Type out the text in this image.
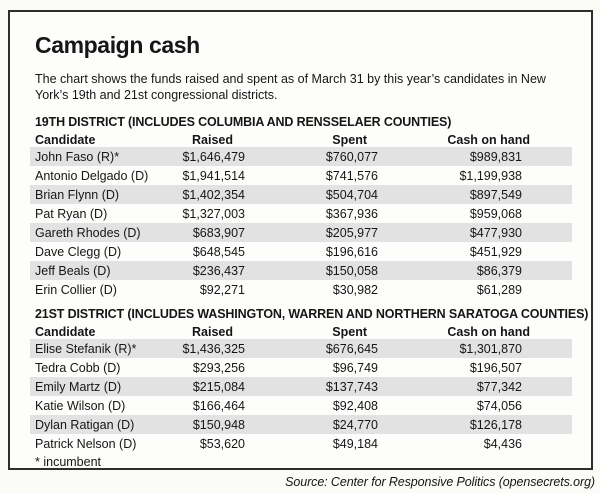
Campaign cash

The chart shows the funds raised and spent as of March 31 by this year’s candidates in New York’s 19th and 21st congressional districts.

19TH DISTRICT (INCLUDES COLUMBIA AND RENSSELAER COUNTIES)
Candidate	Raised	Spent	Cash on hand
John Faso (R)*	$1,646,479	$760,077	$989,831
Antonio Delgado (D)	$1,941,514	$741,576	$1,199,938
Brian Flynn (D)	$1,402,354	$504,704	$897,549
Pat Ryan (D)	$1,327,003	$367,936	$959,068
Gareth Rhodes (D)	$683,907	$205,977	$477,930
Dave Clegg (D)	$648,545	$196,616	$451,929
Jeff Beals (D)	$236,437	$150,058	$86,379
Erin Collier (D)	$92,271	$30,982	$61,289
21ST DISTRICT (INCLUDES WASHINGTON, WARREN AND NORTHERN SARATOGA COUNTIES)
Candidate	Raised	Spent	Cash on hand
Elise Stefanik (R)*	$1,436,325	$676,645	$1,301,870
Tedra Cobb (D)	$293,256	$96,749	$196,507
Emily Martz (D)	$215,084	$137,743	$77,342
Katie Wilson (D)	$166,464	$92,408	$74,056
Dylan Ratigan (D)	$150,948	$24,770	$126,178
Patrick Nelson (D)	$53,620	$49,184	$4,436

* incumbent

Source: Center for Responsive Politics (opensecrets.org)
